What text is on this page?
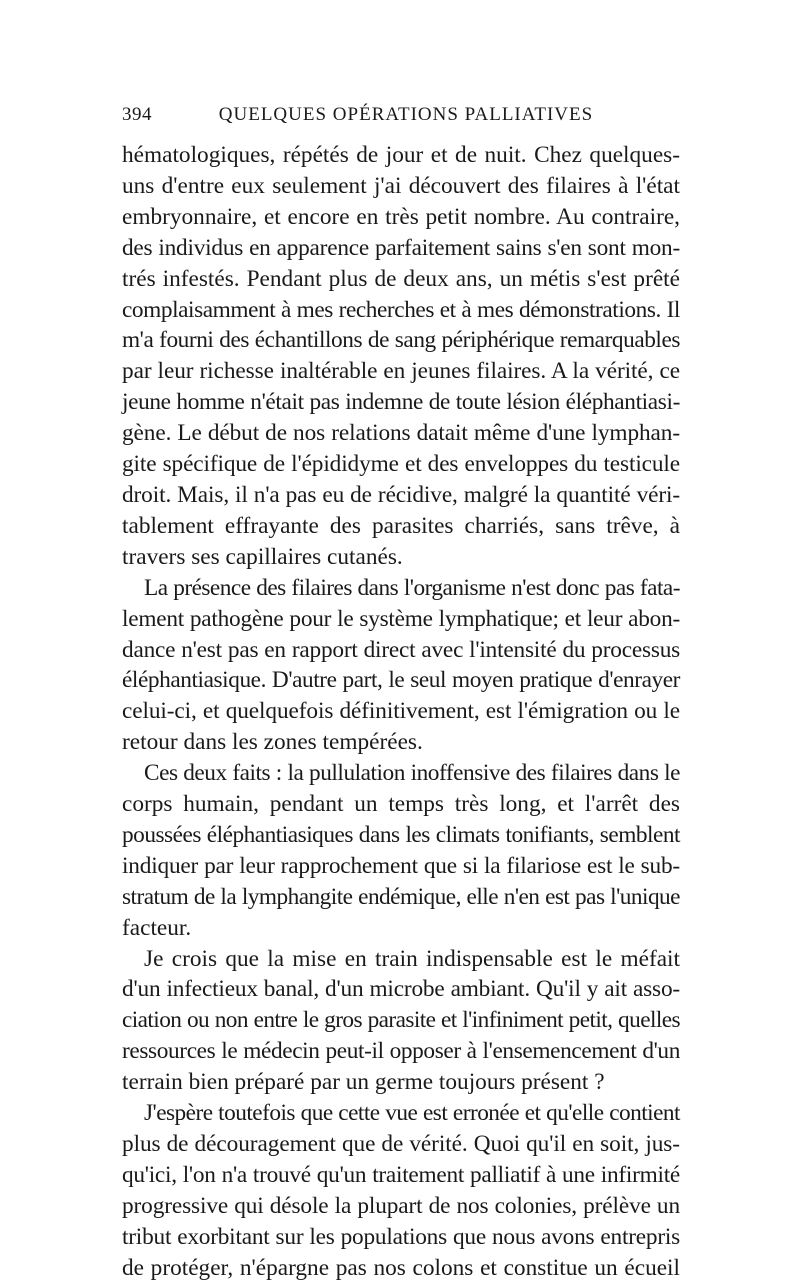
394	QUELQUES OPÉRATIONS PALLIATIVES

hématologiques, répétés de jour et de nuit. Chez quelques-
uns d'entre eux seulement j'ai découvert des filaires à l'état
embryonnaire, et encore en très petit nombre. Au contraire,
des individus en apparence parfaitement sains s'en sont mon-
trés infestés. Pendant plus de deux ans, un métis s'est prêté
complaisamment à mes recherches et à mes démonstrations. Il
m'a fourni des échantillons de sang périphérique remarquables
par leur richesse inaltérable en jeunes filaires. A la vérité, ce
jeune homme n'était pas indemne de toute lésion éléphantiasi-
gène. Le début de nos relations datait même d'une lymphan-
gite spécifique de l'épididyme et des enveloppes du testicule
droit. Mais, il n'a pas eu de récidive, malgré la quantité véri-
tablement effrayante des parasites charriés, sans trêve, à
travers ses capillaires cutanés.

La présence des filaires dans l'organisme n'est donc pas fata-
lement pathogène pour le système lymphatique; et leur abon-
dance n'est pas en rapport direct avec l'intensité du processus
éléphantiasique. D'autre part, le seul moyen pratique d'enrayer
celui-ci, et quelquefois définitivement, est l'émigration ou le
retour dans les zones tempérées.

Ces deux faits : la pullulation inoffensive des filaires dans le
corps humain, pendant un temps très long, et l'arrêt des
poussées éléphantiasiques dans les climats tonifiants, semblent
indiquer par leur rapprochement que si la filariose est le sub-
stratum de la lymphangite endémique, elle n'en est pas l'unique
facteur.

Je crois que la mise en train indispensable est le méfait
d'un infectieux banal, d'un microbe ambiant. Qu'il y ait asso-
ciation ou non entre le gros parasite et l'infiniment petit, quelles
ressources le médecin peut-il opposer à l'ensemencement d'un
terrain bien préparé par un germe toujours présent ?

J'espère toutefois que cette vue est erronée et qu'elle contient
plus de découragement que de vérité. Quoi qu'il en soit, jus-
qu'ici, l'on n'a trouvé qu'un traitement palliatif à une infirmité
progressive qui désole la plupart de nos colonies, prélève un
tribut exorbitant sur les populations que nous avons entrepris
de protéger, n'épargne pas nos colons et constitue un écueil
